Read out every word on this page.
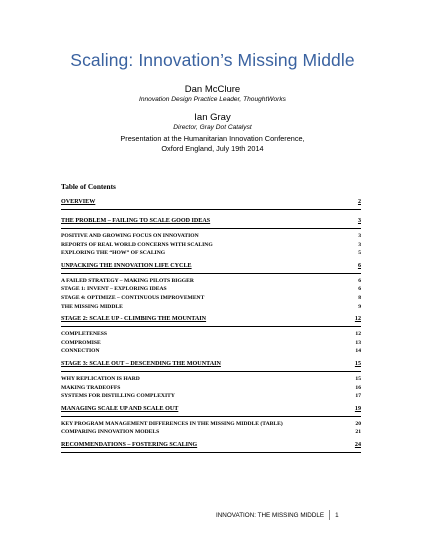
Scaling: Innovation’s Missing Middle
Dan McClure
Innovation Design Practice Leader, ThoughtWorks
Ian Gray
Director, Gray Dot Catalyst
Presentation at the Humanitarian Innovation Conference,
Oxford England, July 19th 2014
Table of Contents
OVERVIEW	2
THE PROBLEM – FAILING TO SCALE GOOD IDEAS	3
POSITIVE AND GROWING FOCUS ON INNOVATION	3
REPORTS OF REAL WORLD CONCERNS WITH SCALING	3
EXPLORING THE “HOW” OF SCALING	5
UNPACKING THE INNOVATION LIFE CYCLE	6
A FAILED STRATEGY – MAKING PILOTS BIGGER	6
STAGE 1: INVENT – EXPLORING IDEAS	6
STAGE 4: OPTIMIZE – CONTINUOUS IMPROVEMENT	8
THE MISSING MIDDLE	9
STAGE 2: SCALE UP - CLIMBING THE MOUNTAIN	12
COMPLETENESS	12
COMPROMISE	13
CONNECTION	14
STAGE 3: SCALE OUT – DESCENDING THE MOUNTAIN	15
WHY REPLICATION IS HARD	15
MAKING TRADEOFFS	16
SYSTEMS FOR DISTILLING COMPLEXITY	17
MANAGING SCALE UP AND SCALE OUT	19
KEY PROGRAM MANAGEMENT DIFFERENCES IN THE MISSING MIDDLE (TABLE)	20
COMPARING INNOVATION MODELS	21
RECOMMENDATIONS – FOSTERING SCALING	24
INNOVATION: THE MISSING MIDDLE 1
